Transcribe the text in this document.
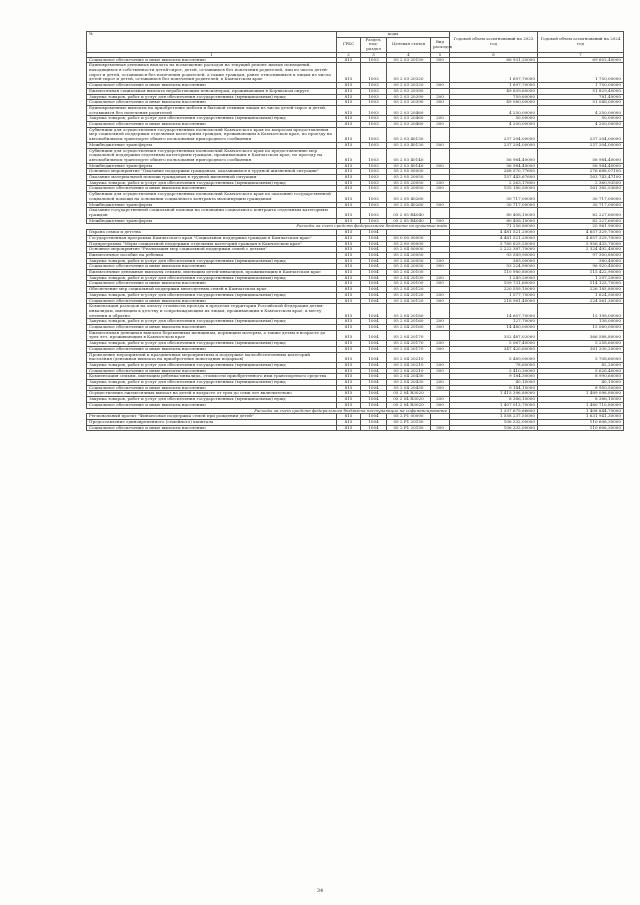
№	коды				Годовой объем ассигнований на 2023 год	Годовой объем ассигнований на 2024 год
	ГРБС	Раздел, под-раздел	Целевая статья	Вид расходов		
1	2	3	4	5	6	7
Социальное обеспечение и иные выплаты населению	815	1003	05 2 03 20150	300	66 931,20000	69 602,40000
Единовременная денежная выплата на возмещение расходов на текущий ремонт жилых помещений, находящихся в собственности детей-сирот, детей, оставшихся без попечения родителей, лиц из числа детей-сирот и детей, оставшихся без попечения родителей, а также граждан, ранее относившихся к лицам из числа детей-сирот и детей, оставшихся без попечения родителей, в Камчатском крае	815	1003	05 2 03 20320		1 697,70000	1 750,00000
Социальное обеспечение и иные выплаты населению	815	1003	05 2 03 20320	300	1 697,70000	1 750,00000
Ежемесячная социальная выплата неработающим пенсионерам, проживающим в Корякском округе	815	1003	05 2 03 20390		49 839,60000	51 829,40000
Закупка товаров, работ и услуг для обеспечения государственных (муниципальных) нужд	815	1003	05 2 03 20390	200	759,60000	781,40000
Социальное обеспечение и иные выплаты населению	815	1003	05 2 03 20390	300	49 080,00000	51 048,00000
Единовременные выплаты на приобретение мебели и бытовой техники лицам из числа детей-сирот и детей, оставшихся без попечения родителей	815	1003	05 2 03 20460		4 250,00000	4 250,00000
Закупка товаров, работ и услуг для обеспечения государственных (муниципальных) нужд	815	1003	05 2 03 20460	200	50,00000	50,00000
Социальное обеспечение и иные выплаты населению	815	1003	05 2 03 20460	300	4 200,00000	4 200,00000
Субвенции для осуществления государственных полномочий Камчатского края по вопросам предоставления мер социальной поддержки отдельным категориям граждан, проживающим в Камчатском крае, по проезду на автомобильном транспорте общего пользования пригородного сообщения	815	1003	05 2 03 40130		237 204,00000	237 204,00000
Межбюджетные трансферты	815	1003	05 2 03 40130	500	237 204,00000	237 204,00000
Субвенции для осуществления государственных полномочий Камчатского края по предоставлению мер социальной поддержки отдельным категориям граждан, проживающим в Камчатском крае, по проезду на автомобильном транспорте общего пользования пригородного сообщения	815	1003	05 2 03 40140		56 984,40000	56 984,40000
Межбюджетные трансферты	815	1003	05 2 03 40140	500	56 984,40000	56 984,40000
Основное мероприятие "Оказание поддержки гражданам, оказавшимся в трудной жизненной ситуации"	815	1003	05 2 05 00000		268 570,77600	276 688,07100
Оказание материальной помощи гражданам в трудной жизненной ситуации	815	1003	05 2 05 20050		157 443,67600	163 743,47100
Закупка товаров, работ и услуг для обеспечения государственных (муниципальных) нужд	815	1003	05 2 05 20050	200	2 263,17600	2 360,93500
Социальное обеспечение и иные выплаты населению	815	1003	05 2 05 20050	300	155 180,50000	161 382,53600
Субвенции для осуществления государственных полномочий Камчатского края по оказанию государственной социальной помощи на основании социального контракта малоимущим гражданам	815	1003	05 2 05 40260		30 717,00000	30 717,00000
Межбюджетные трансферты	815	1003	05 2 05 40260	500	30 717,00000	30 717,00000
Оказание государственной социальной помощи на основании социального контракта отдельным категориям граждан	815	1003	05 2 05 R4040		80 408,10000	82 227,60000
Межбюджетные трансферты	815	1003	05 2 05 R4040	500	80 408,10000	82 227,60000
Расходы за счет средств федерального бюджета получаемые вида					71 256 80000	20 961 90000
Охрана семьи и детства	815	1004			4 481 521,20000	4 657 329,70000
Государственная программа Камчатского края "Социальная поддержка граждан в Камчатском крае"	815	1004	05 0 00 00000		4 481 521,20000	4 657 329,70000
Подпрограмма "Меры социальной поддержки отдельных категорий граждан в Камчатском крае"	815	1004	05 2 00 00000		3 780 625,25000	3 956 433,70000
Основное мероприятие "Реализация мер социальной поддержки семей с детьми"	815	1004	05 2 04 00000		2 222 387,70000	2 324 492,40000
Ежемесячное пособие на ребенка	815	1004	05 2 04 20050		93 589,90000	97 300,80000
Закупка товаров, работ и услуг для обеспечения государственных (муниципальных) нужд	815	1004	05 2 04 20050	200	365,00000	380,40000
Социальное обеспечение и иные выплаты населению	815	1004	05 2 04 20050	300	93 224,90000	96 920,40000
Ежемесячные денежные выплаты семьям, имеющим детей-инвалидов, проживающим в Камчатском крае	815	1004	05 2 04 20100		110 980,80000	115 422,90000
Закупка товаров, работ и услуг для обеспечения государственных (муниципальных) нужд	815	1004	05 2 04 20100	200	1 249,20000	1 297,20000
Социальное обеспечение и иные выплаты населению	815	1004	05 2 04 20100	300	109 731,60000	114 125,70000
Обеспечение мер социальной поддержки многодетных семей в Камчатском крае	815	1004	05 2 04 20120		220 559,10000	226 185,80000
Закупка товаров, работ и услуг для обеспечения государственных (муниципальных) нужд	815	1004	05 2 04 20120	200	1 577,70000	1 624,50000
Социальное обеспечение и иные выплаты населению	815	1004	05 2 04 20120	300	218 981,40000	224 561,30000
Компенсация расходов на оплату стоимости проезда в пределах территории Российской Федерации детям-инвалидам, имеющим к детству и сопровождающим их лицам, проживающим в Камчатском крае, к месту лечения и обратно	815	1004	05 2 04 20160		14 607,70000	15 198,00000
Закупка товаров, работ и услуг для обеспечения государственных (муниципальных) нужд	815	1004	05 2 04 20160	200	127,70000	138,00000
Социальное обеспечение и иные выплаты населению	815	1004	05 2 04 20160	300	14 480,00000	15 060,00000
Ежемесячная денежная выплата беременным женщинам, кормящим матерям, а также детям в возрасте до трех лет, проживающим в Камчатском крае	815	1004	05 2 04 20170		352 487,02000	366 588,80000
Закупка товаров, работ и услуг для обеспечения государственных (муниципальных) нужд	815	1004	05 2 04 20170	200	5 067,40000	5 258,60000
Социальное обеспечение и иные выплаты населению	815	1004	05 2 04 20170	300	347 420,60000	361 330,20000
Проведение мероприятий к праздничным мероприятиям и поддержке малообеспеченных категорий населения (денежная выплата на приобретение новогодних подарков)	815	1004	05 2 04 20210		5 489,00000	5 708,60000
Закупка товаров, работ и услуг для обеспечения государственных (муниципальных) нужд	815	1004	05 2 04 20210	200	78,60000	82,20000
Социальное обеспечение и иные выплаты населению	815	1004	05 2 04 20210	300	5 410,30000	5 626,40000
Компенсация семьям, имеющим ребенка-инвалида, стоимости приобретенного ими транспортного средства	815	1004	05 2 04 20430		9 184,30000	8 990,60000
Закупка товаров, работ и услуг для обеспечения государственных (муниципальных) нужд	815	1004	05 2 04 20430	200	40,15000	40,10000
Социальное обеспечение и иные выплаты населению	815	1004	05 2 04 20430	300	9 144,15000	8 950,50000
Осуществление ежемесячных выплат на детей в возрасте от трех до семи лет включительно	815	1004	05 2 04 R3020		1 415 396,80000	1 489 096,80000
Закупка товаров, работ и услуг для обеспечения государственных (муниципальных) нужд	815	1004	05 2 04 R3020	200	8 386,10000	8 386,10000
Социальное обеспечение и иные выплаты населению	815	1004	05 2 04 R3020	300	1 407 013,70000	1 480 710,80000
Расходы за счет средств федерального бюджета поступающих на софинансирование					1 337 679,66600	1 408 844,70000
Региональный проект "Финансовая поддержка семей при рождении детей"	815	1004	05 2 P1 00000		1 558 237,55000	1 631 941,30000
Предоставление единовременного (семейного) капитала	815	1004	05 2 P1 20150		106 332,00000	110 606,30000
Социальное обеспечение и иные выплаты населению	815	1004	05 2 P1 20150	300	106 332,00000	110 606,30000
34
